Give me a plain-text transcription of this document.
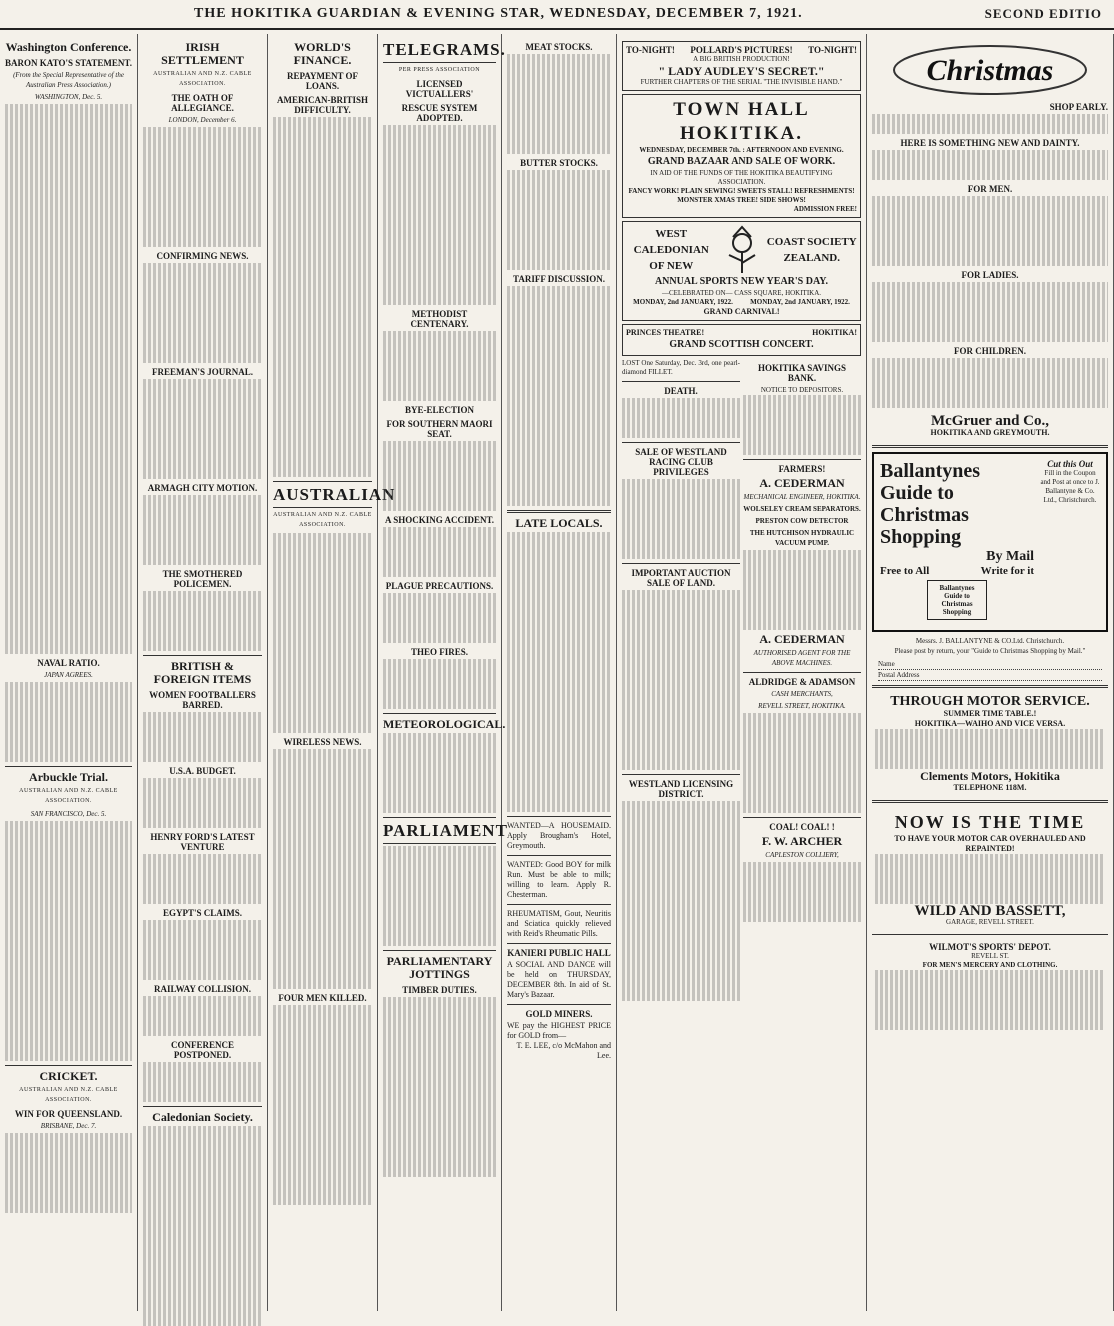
THE HOKITIKA GUARDIAN & EVENING STAR, WEDNESDAY, DECEMBER 7, 1921.	SECOND EDITIO
Washington Conference.
BARON KATO'S STATEMENT.
(From the Special Representative of the Australian Press Association.)
WASHINGTON, Dec. 5.
NAVAL RATIO.
JAPAN AGREES.
Arbuckle Trial.
AUSTRALIAN AND N.Z. CABLE ASSOCIATION.
SAN FRANCISCO, Dec. 5.
CRICKET.
AUSTRALIAN AND N.Z. CABLE ASSOCIATION.
WIN FOR QUEENSLAND.
BRISBANE, Dec. 7.
IRISH SETTLEMENT
AUSTRALIAN AND N.Z. CABLE ASSOCIATION.
THE OATH OF ALLEGIANCE.
LONDON, December 6.
CONFIRMING NEWS.
FREEMAN'S JOURNAL.
ARMAGH CITY MOTION.
THE SMOTHERED POLICEMEN.
BRITISH & FOREIGN ITEMS
WOMEN FOOTBALLERS BARRED.
U.S.A. BUDGET.
HENRY FORD'S LATEST VENTURE
EGYPT'S CLAIMS.
RAILWAY COLLISION.
CONFERENCE POSTPONED.
Caledonian Society.
WORLD'S FINANCE.
REPAYMENT OF LOANS.
AMERICAN-BRITISH DIFFICULTY.
AUSTRALIAN
AUSTRALIAN AND N.Z. CABLE ASSOCIATION.
WIRELESS NEWS.
FOUR MEN KILLED.
TELEGRAMS.
PER PRESS ASSOCIATION
LICENSED VICTUALLERS'
RESCUE SYSTEM ADOPTED.
METHODIST CENTENARY.
BYE-ELECTION
FOR SOUTHERN MAORI SEAT.
A SHOCKING ACCIDENT.
PLAGUE PRECAUTIONS.
THEO FIRES.
METEOROLOGICAL.
PARLIAMENT
PARLIAMENTARY JOTTINGS
TIMBER DUTIES.
MEAT STOCKS.
BUTTER STOCKS.
TARIFF DISCUSSION.
LATE LOCALS.
WANTED—A HOUSEMAID. Apply Brougham's Hotel, Greymouth.
WANTED: Good BOY for milk Run. Must be able to milk; willing to learn. Apply R. Chesterman.
RHEUMATISM, Gout, Neuritis and Sciatica quickly relieved with Reid's Rheumatic Pills.
KANIERI PUBLIC HALL
A SOCIAL AND DANCE will be held on THURSDAY, DECEMBER 8th. In aid of St. Mary's Bazaar.
GOLD MINERS.
WE pay the HIGHEST PRICE for GOLD from—
T. E. LEE, c/o McMahon and Lee.
TO-NIGHT! POLLARD'S PICTURES! TO-NIGHT!
A BIG BRITISH PRODUCTION!
" LADY AUDLEY'S SECRET."
FURTHER CHAPTERS OF THE SERIAL "THE INVISIBLE HAND."
TOWN HALL HOKITIKA.
WEDNESDAY, DECEMBER 7th. : AFTERNOON AND EVENING.
GRAND BAZAAR AND SALE OF WORK.
IN AID OF THE FUNDS OF THE HOKITIKA BEAUTIFYING ASSOCIATION.
FANCY WORK! PLAIN SEWING! SWEETS STALL! REFRESHMENTS! MONSTER XMAS TREE! SIDE SHOWS!
ADMISSION FREE!
WEST CALEDONIAN OF NEW
COAST SOCIETY ZEALAND.
ANNUAL SPORTS NEW YEAR'S DAY.
—CELEBRATED ON— CASS SQUARE, HOKITIKA.
MONDAY, 2nd JANUARY, 1922.	MONDAY, 2nd JANUARY, 1922.
GRAND CARNIVAL!
PRINCES THEATRE!	HOKITIKA!
GRAND SCOTTISH CONCERT.
LOST One Saturday, Dec. 3rd, one pearl-diamond FILLET.
DEATH.
SALE OF WESTLAND RACING CLUB PRIVILEGES
IMPORTANT AUCTION SALE OF LAND.
WESTLAND LICENSING DISTRICT.
HOKITIKA SAVINGS BANK.
NOTICE TO DEPOSITORS.
FARMERS!
A. CEDERMAN
MECHANICAL ENGINEER, HOKITIKA.
WOLSELEY CREAM SEPARATORS.
PRESTON COW DETECTOR
THE HUTCHISON HYDRAULIC VACUUM PUMP.
A. CEDERMAN
AUTHORISED AGENT FOR THE ABOVE MACHINES.
ALDRIDGE & ADAMSON
CASH MERCHANTS,
REVELL STREET, HOKITIKA.
COAL! COAL! !
F. W. ARCHER
CAPLESTON COLLIERY,
Christmas
SHOP EARLY.
HERE IS SOMETHING NEW AND DAINTY.
FOR MEN.
FOR LADIES.
FOR CHILDREN.
McGruer and Co.,
HOKITIKA AND GREYMOUTH.
Ballantynes
Guide to
Christmas Shopping
By Mail
Free to All	Write for it
Ballantynes
Guide to
Christmas Shopping
Cut this Out
Fill in the Coupon and Post at once to J. Ballantyne & Co. Ltd., Christchurch.
Messrs. J. BALLANTYNE & CO.Ltd. Christchurch.
Please post by return, your "Guide to Christmas Shopping by Mail."
Name
Postal Address
THROUGH MOTOR SERVICE.
SUMMER TIME TABLE.!
HOKITIKA—WAIHO AND VICE VERSA.
Clements Motors, Hokitika
TELEPHONE 118M.
NOW IS THE TIME
TO HAVE YOUR MOTOR CAR OVERHAULED AND REPAINTED!
WILD AND BASSETT,
GARAGE, REVELL STREET.
WILMOT'S SPORTS' DEPOT.
REVELL ST.
FOR MEN'S MERCERY AND CLOTHING.
